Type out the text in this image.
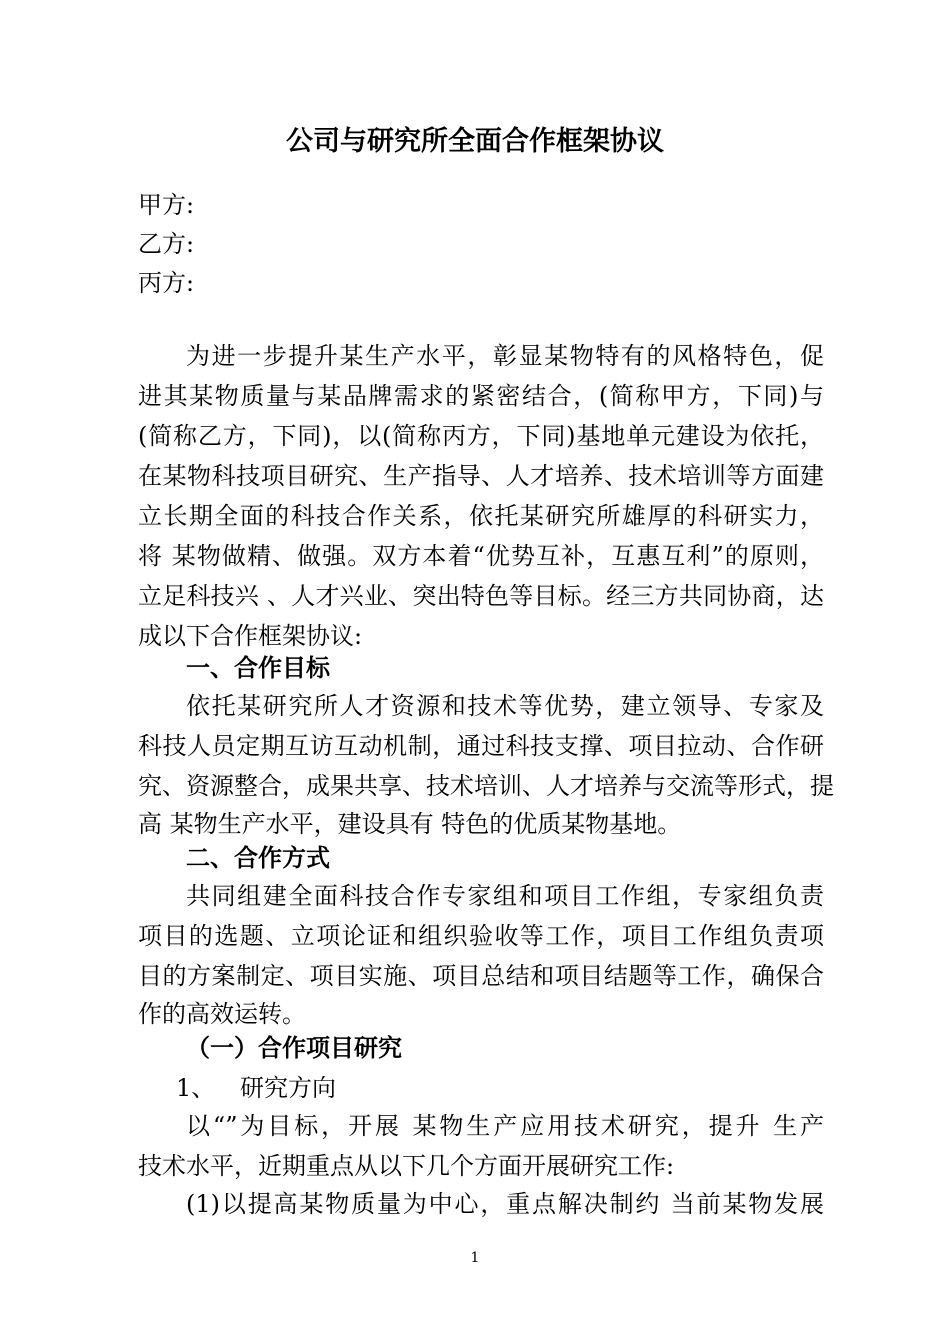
公司与研究所全面合作框架协议
甲方:
乙方:
丙方:
为进一步提升某生产水平，彰显某物特有的风格特色，促
进其某物质量与某品牌需求的紧密结合，(简称甲方，下同)与
(简称乙方，下同)，以(简称丙方，下同)基地单元建设为依托，
在某物科技项目研究、生产指导、人才培养、技术培训等方面建
立长期全面的科技合作关系，依托某研究所雄厚的科研实力，
将 某物做精、做强。双方本着“优势互补，互惠互利”的原则，
立足科技兴 、人才兴业、突出特色等目标。经三方共同协商，达
成以下合作框架协议:
一、合作目标
依托某研究所人才资源和技术等优势，建立领导、专家及
科技人员定期互访互动机制，通过科技支撑、项目拉动、合作研
究、资源整合，成果共享、技术培训、人才培养与交流等形式，提
高 某物生产水平，建设具有 特色的优质某物基地。
二、合作方式
共同组建全面科技合作专家组和项目工作组，专家组负责
项目的选题、立项论证和组织验收等工作，项目工作组负责项
目的方案制定、项目实施、项目总结和项目结题等工作，确保合
作的高效运转。
（一）合作项目研究
1、 研究方向
以“”为目标，开展 某物生产应用技术研究，提升 生产
技术水平，近期重点从以下几个方面开展研究工作:
(1)以提高某物质量为中心，重点解决制约 当前某物发展
1
